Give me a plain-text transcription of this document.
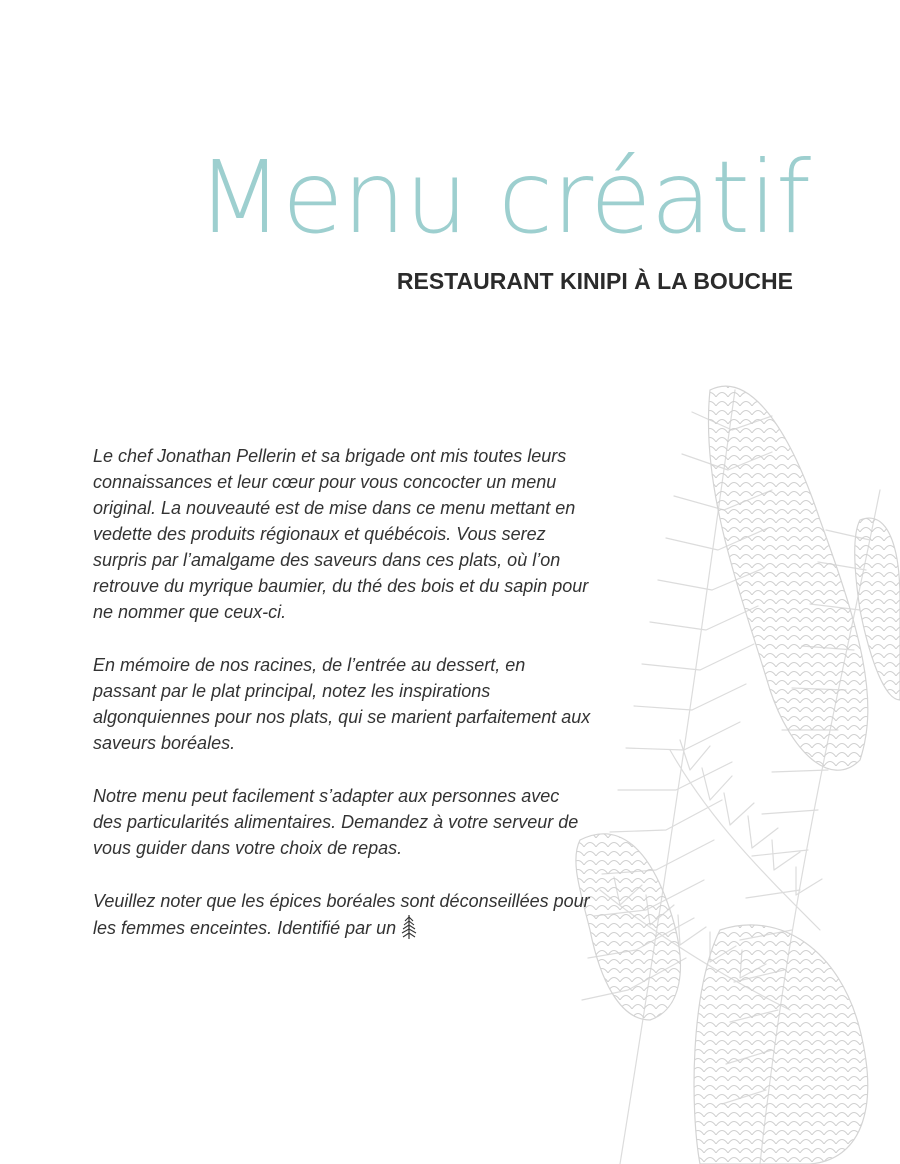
Menu créatif
RESTAURANT KINIPI À LA BOUCHE

Le chef Jonathan Pellerin et sa brigade ont mis toutes leurs connaissances et leur cœur pour vous concocter un menu original. La nouveauté est de mise dans ce menu mettant en vedette des produits régionaux et québécois. Vous serez surpris par l’amalgame des saveurs dans ces plats, où l’on retrouve du myrique baumier, du thé des bois et du sapin pour ne nommer que ceux-ci.

En mémoire de nos racines, de l’entrée au dessert, en passant par le plat principal, notez les inspirations algonquiennes pour nos plats, qui se marient parfaitement aux saveurs boréales.

Notre menu peut facilement s’adapter aux personnes avec des particularités alimentaires. Demandez à votre serveur de vous guider dans votre choix de repas.

Veuillez noter que les épices boréales sont déconseillées pour les femmes enceintes. Identifié par un
